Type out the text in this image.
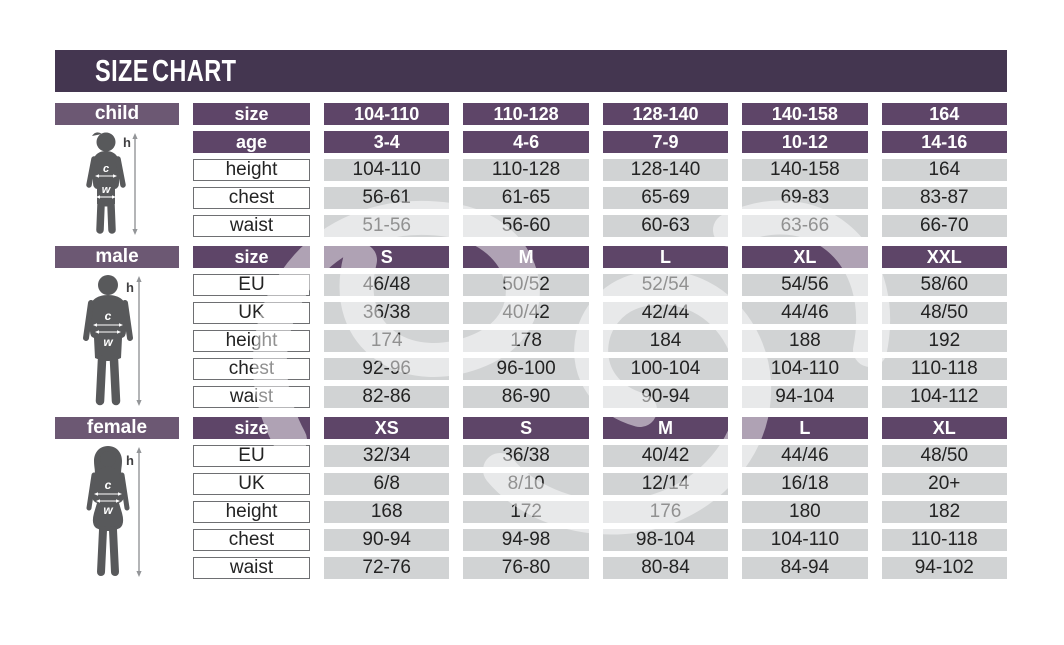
SIZE CHART
child	size	104-110	110-128	128-140	140-158	164
h
c
w
age	3-4	4-6	7-9	10-12	14-16
height	104-110	110-128	128-140	140-158	164
chest	56-61	61-65	65-69	69-83	83-87
waist	51-56	56-60	60-63	63-66	66-70
male	size	S	M	L	XL	XXL
h
c
w
EU	46/48	50/52	52/54	54/56	58/60
UK	36/38	40/42	42/44	44/46	48/50
height	174	178	184	188	192
chest	92-96	96-100	100-104	104-110	110-118
waist	82-86	86-90	90-94	94-104	104-112
female	size	XS	S	M	L	XL
h
c
w
EU	32/34	36/38	40/42	44/46	48/50
UK	6/8	8/10	12/14	16/18	20+
height	168	172	176	180	182
chest	90-94	94-98	98-104	104-110	110-118
waist	72-76	76-80	80-84	84-94	94-102
